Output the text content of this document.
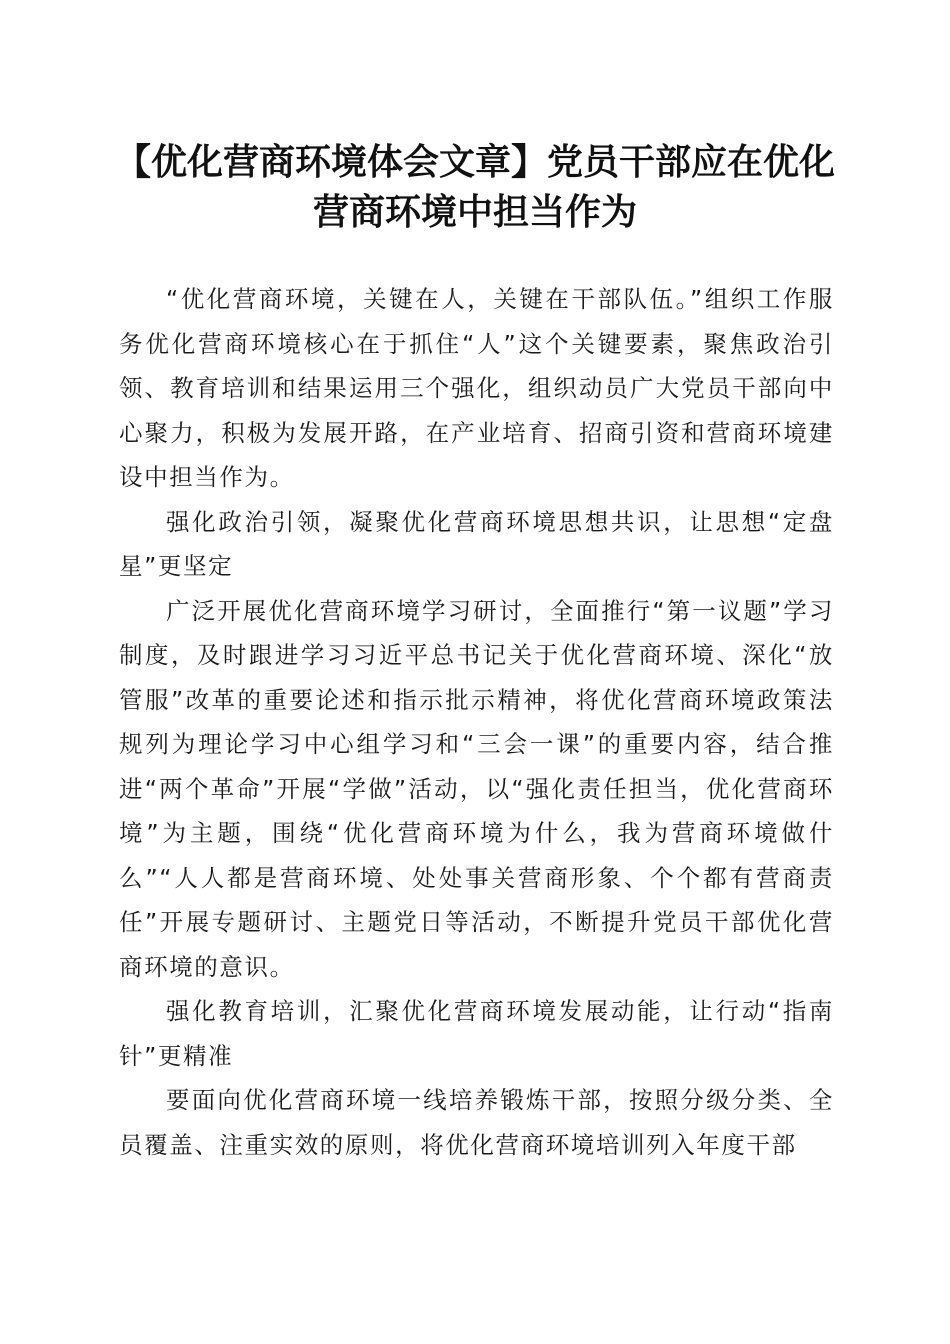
【优化营商环境体会文章】党员干部应在优化营商环境中担当作为

“优化营商环境，关键在人，关键在干部队伍。”组织工作服务优化营商环境核心在于抓住“人”这个关键要素，聚焦政治引领、教育培训和结果运用三个强化，组织动员广大党员干部向中心聚力，积极为发展开路，在产业培育、招商引资和营商环境建设中担当作为。

强化政治引领，凝聚优化营商环境思想共识，让思想“定盘星”更坚定

广泛开展优化营商环境学习研讨，全面推行“第一议题”学习制度，及时跟进学习习近平总书记关于优化营商环境、深化“放管服”改革的重要论述和指示批示精神，将优化营商环境政策法规列为理论学习中心组学习和“三会一课”的重要内容，结合推进“两个革命”开展“学做”活动，以“强化责任担当，优化营商环境”为主题，围绕“优化营商环境为什么，我为营商环境做什么”“人人都是营商环境、处处事关营商形象、个个都有营商责任”开展专题研讨、主题党日等活动，不断提升党员干部优化营商环境的意识。

强化教育培训，汇聚优化营商环境发展动能，让行动“指南针”更精准

要面向优化营商环境一线培养锻炼干部，按照分级分类、全员覆盖、注重实效的原则，将优化营商环境培训列入年度干部
